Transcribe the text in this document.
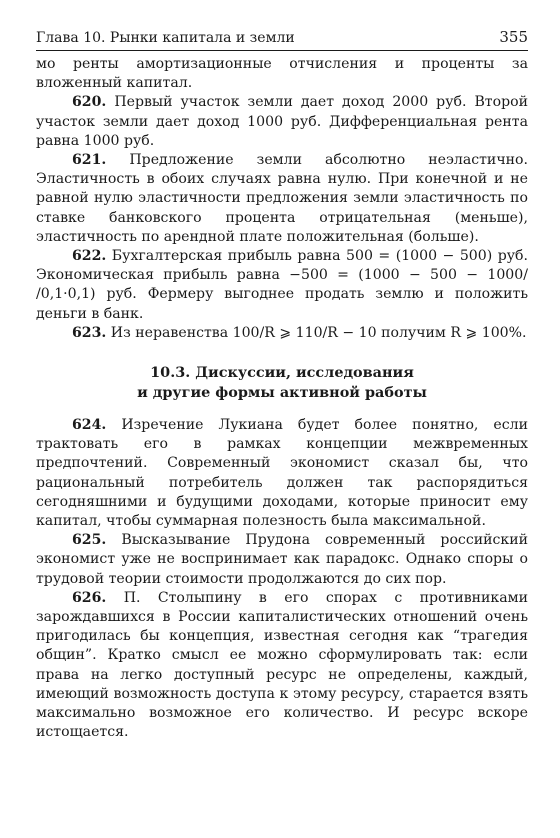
Глава 10. Рынки капитала и земли	355

мо ренты амортизационные отчисления и проценты за вложенный капитал.

620. Первый участок земли дает доход 2000 руб. Второй участок земли дает доход 1000 руб. Дифференциальная рента равна 1000 руб.

621. Предложение земли абсолютно неэластично. Эластичность в обоих случаях равна нулю. При конечной и не равной нулю эластичности предложения земли эластичность по ставке банковского процента отрицательная (меньше), эластичность по арендной плате положительная (больше).

622. Бухгалтерская прибыль равна 500 = (1000 − 500) руб. Экономическая прибыль равна −500 = (1000 − 500 − 1000/ /0,1·0,1) руб. Фермеру выгоднее продать землю и положить деньги в банк.

623. Из неравенства 100/R ⩾ 110/R − 10 получим R ⩾ 100%.

10.3. Дискуссии, исследования
и другие формы активной работы

624. Изречение Лукиана будет более понятно, если трактовать его в рамках концепции межвременных предпочтений. Современный экономист сказал бы, что рациональный потребитель должен так распорядиться сегодняшними и будущими доходами, которые приносит ему капитал, чтобы суммарная полезность была максимальной.

625. Высказывание Прудона современный российский экономист уже не воспринимает как парадокс. Однако споры о трудовой теории стоимости продолжаются до сих пор.

626. П. Столыпину в его спорах с противниками зарождавшихся в России капиталистических отношений очень пригодилась бы концепция, известная сегодня как “трагедия общин”. Кратко смысл ее можно сформулировать так: если права на легко доступный ресурс не определены, каждый, имеющий возможность доступа к этому ресурсу, старается взять максимально возможное его количество. И ресурс вскоре истощается.
